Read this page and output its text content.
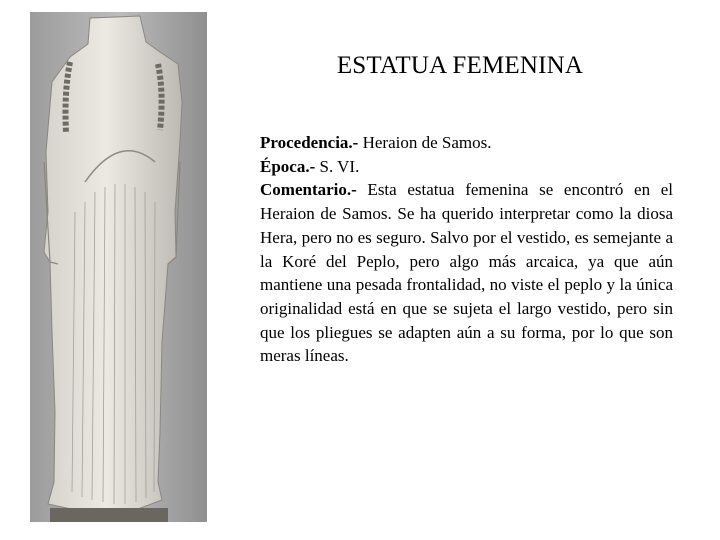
ESTATUA FEMENINA

Procedencia.- Heraion de Samos.

Época.- S. VI.

Comentario.- Esta estatua femenina se encontró en el Heraion de Samos. Se ha querido interpretar como la diosa Hera, pero no es seguro. Salvo por el vestido, es semejante a la Koré del Peplo, pero algo más arcaica, ya que aún mantiene una pesada frontalidad, no viste el peplo y la única originalidad está en que se sujeta el largo vestido, pero sin que los pliegues se adapten aún a su forma, por lo que son meras líneas.
